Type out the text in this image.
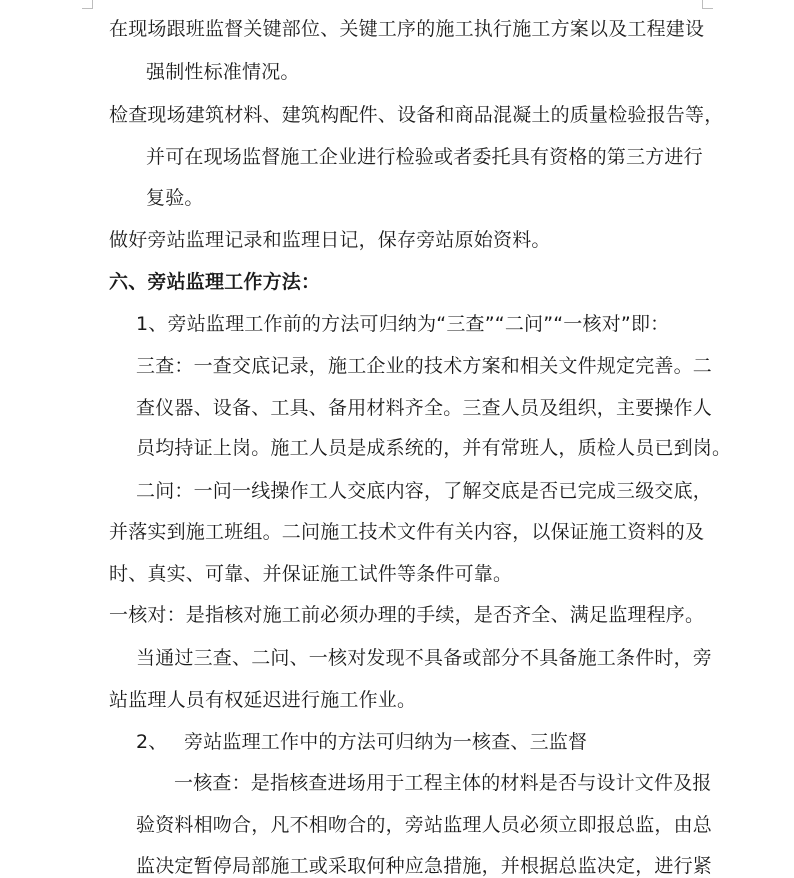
在现场跟班监督关键部位、关键工序的施工执行施工方案以及工程建设
强制性标准情况。
检查现场建筑材料、建筑构配件、设备和商品混凝土的质量检验报告等，
并可在现场监督施工企业进行检验或者委托具有资格的第三方进行
复验。
做好旁站监理记录和监理日记，保存旁站原始资料。
六、旁站监理工作方法：
1、旁站监理工作前的方法可归纳为“三查”“二问”“一核对”即：
三查：一查交底记录，施工企业的技术方案和相关文件规定完善。二
查仪器、设备、工具、备用材料齐全。三查人员及组织，主要操作人
员均持证上岗。施工人员是成系统的，并有常班人，质检人员已到岗。
二问：一问一线操作工人交底内容，了解交底是否已完成三级交底，
并落实到施工班组。二问施工技术文件有关内容，以保证施工资料的及
时、真实、可靠、并保证施工试件等条件可靠。
一核对：是指核对施工前必须办理的手续，是否齐全、满足监理程序。
当通过三查、二问、一核对发现不具备或部分不具备施工条件时，旁
站监理人员有权延迟进行施工作业。
2、 旁站监理工作中的方法可归纳为一核查、三监督
一核查：是指核查进场用于工程主体的材料是否与设计文件及报
验资料相吻合，凡不相吻合的，旁站监理人员必须立即报总监，由总
监决定暂停局部施工或采取何种应急措施，并根据总监决定，进行紧
